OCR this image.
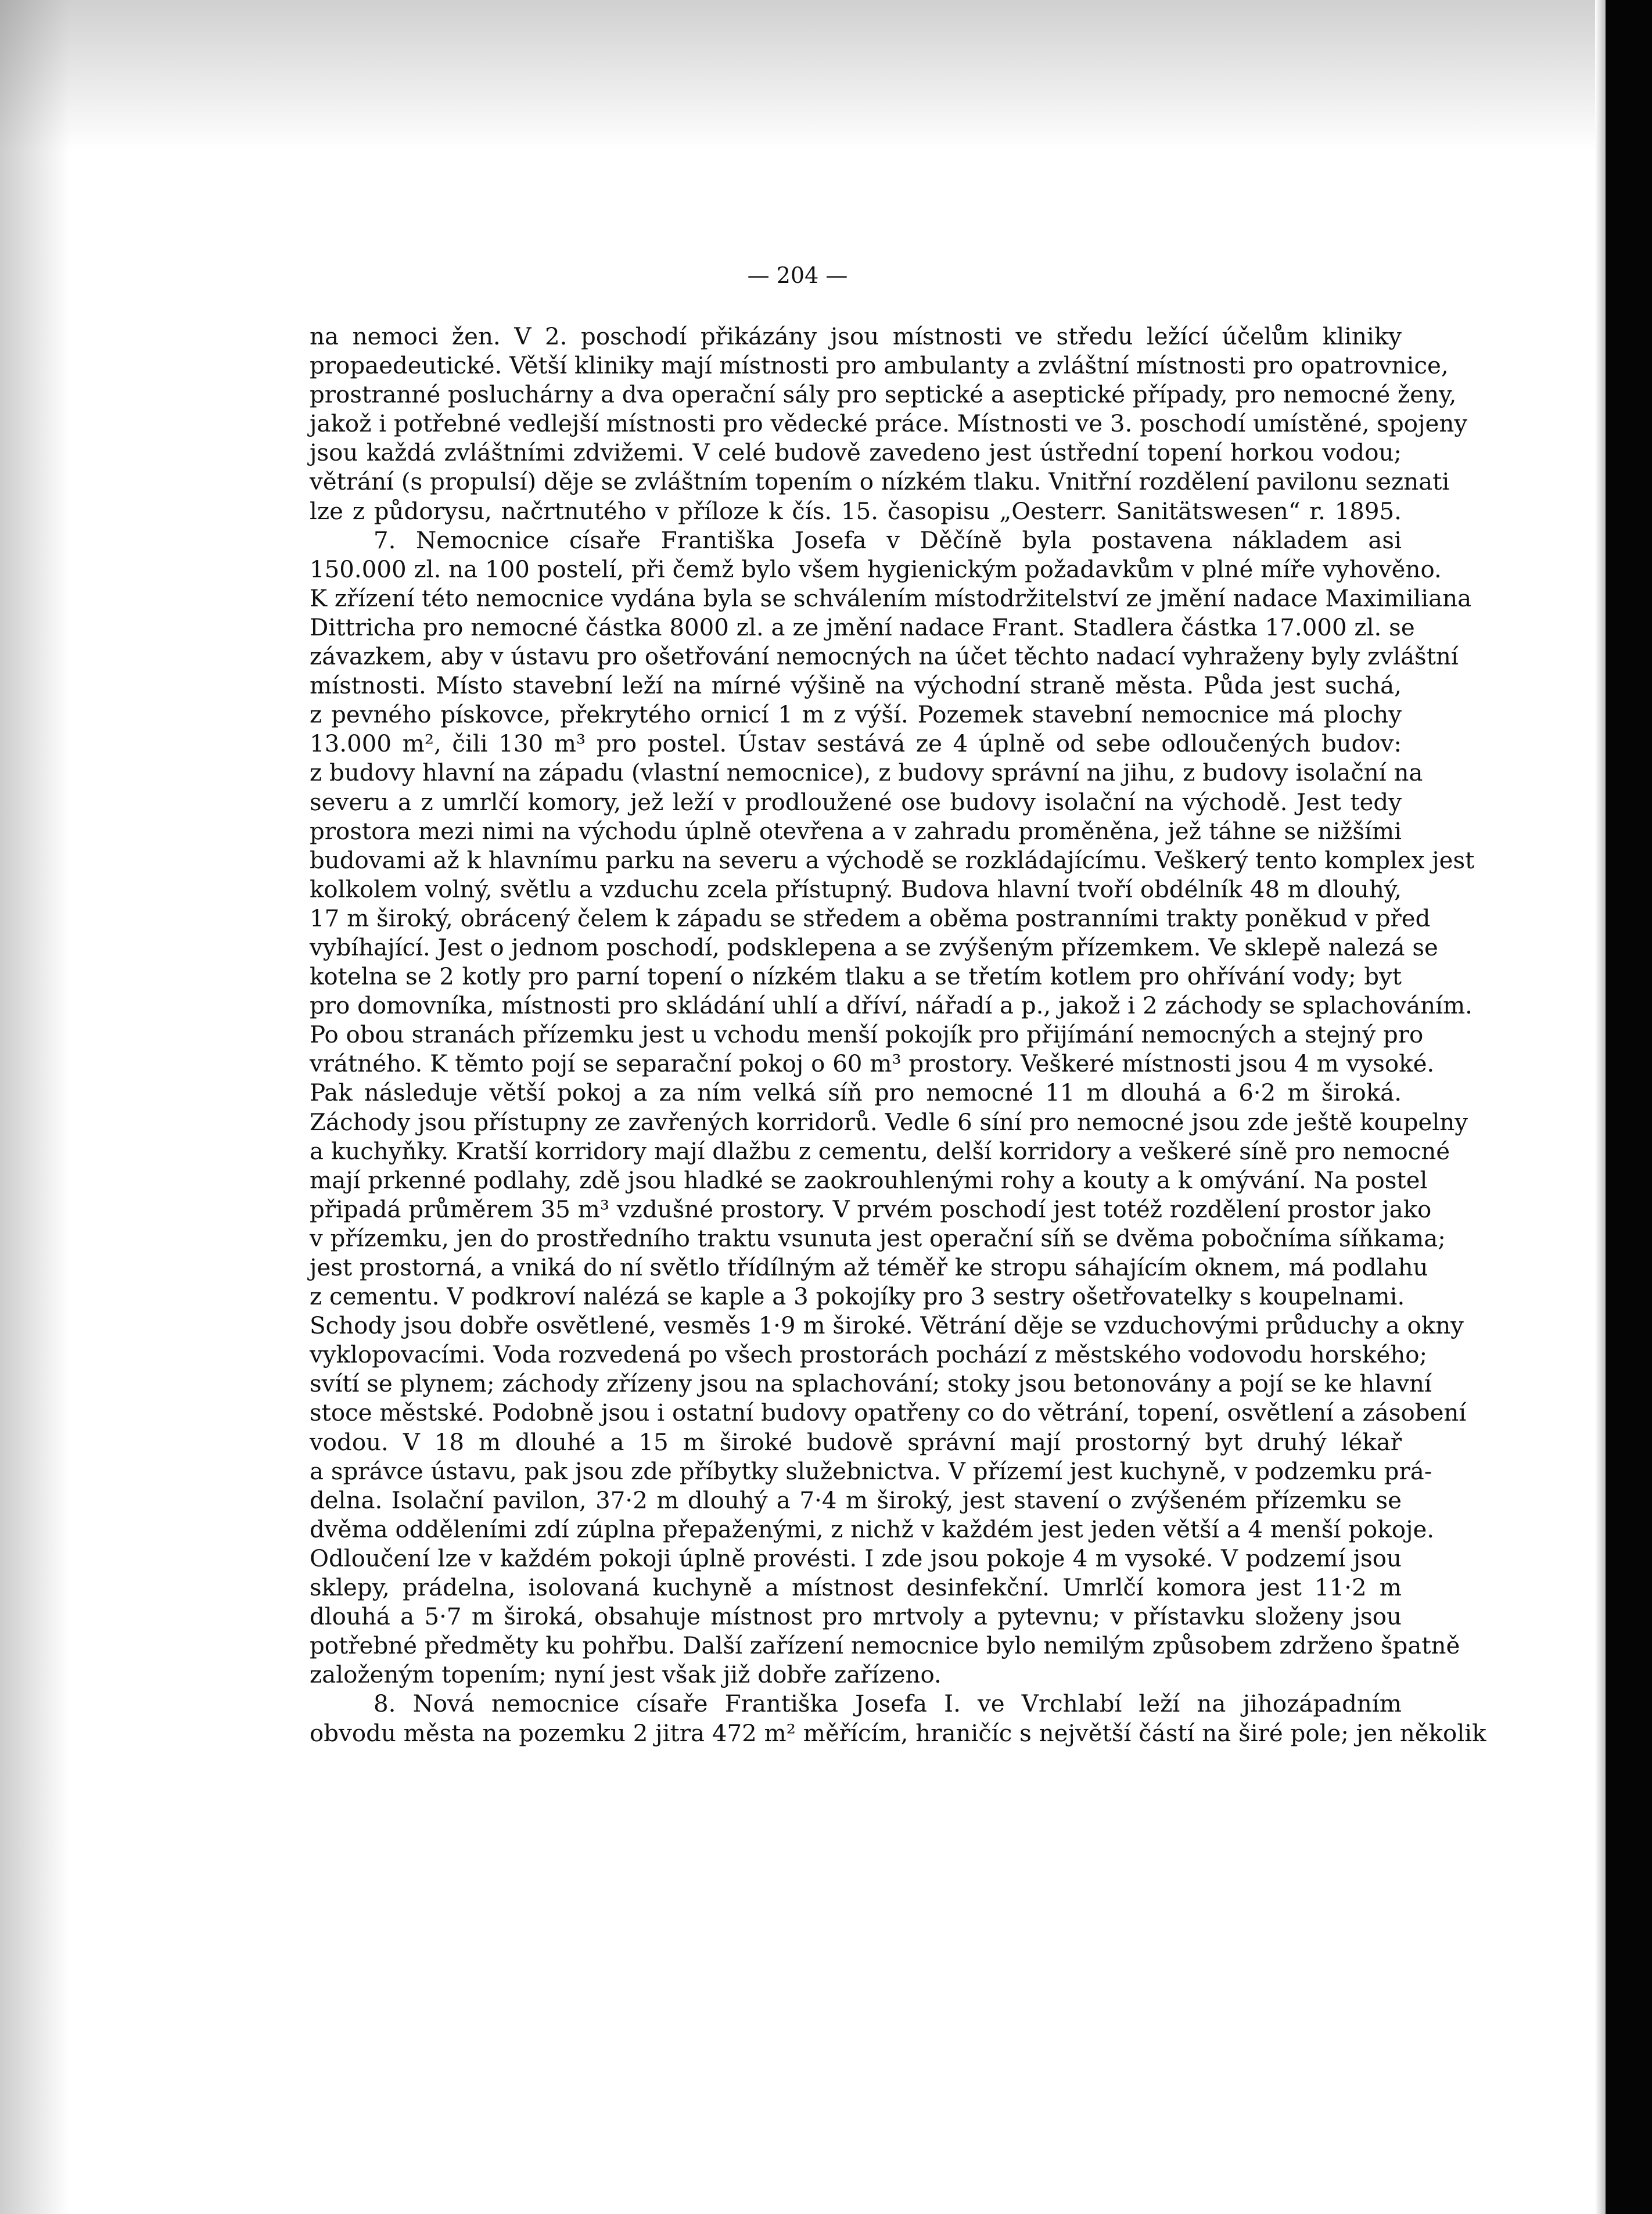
— 204 —
na nemoci žen. V 2. poschodí přikázány jsou místnosti ve středu ležící účelům kliniky
propaedeutické. Větší kliniky mají místnosti pro ambulanty a zvláštní místnosti pro opatrovnice,
prostranné posluchárny a dva operační sály pro septické a aseptické případy, pro nemocné ženy,
jakož i potřebné vedlejší místnosti pro vědecké práce. Místnosti ve 3. poschodí umístěné, spojeny
jsou každá zvláštními zdvižemi. V celé budově zavedeno jest ústřední topení horkou vodou;
větrání (s propulsí) děje se zvláštním topením o nízkém tlaku. Vnitřní rozdělení pavilonu seznati
lze z půdorysu, načrtnutého v příloze k čís. 15. časopisu „Oesterr. Sanitätswesen“ r. 1895.
7. Nemocnice císaře Františka Josefa v Děčíně byla postavena nákladem asi
150.000 zl. na 100 postelí, při čemž bylo všem hygienickým požadavkům v plné míře vyhověno.
K zřízení této nemocnice vydána byla se schválením místodržitelství ze jmění nadace Maximiliana
Dittricha pro nemocné částka 8000 zl. a ze jmění nadace Frant. Stadlera částka 17.000 zl. se
závazkem, aby v ústavu pro ošetřování nemocných na účet těchto nadací vyhraženy byly zvláštní
místnosti. Místo stavební leží na mírné výšině na východní straně města. Půda jest suchá,
z pevného pískovce, překrytého ornicí 1 m z výší. Pozemek stavební nemocnice má plochy
13.000 m², čili 130 m³ pro postel. Ústav sestává ze 4 úplně od sebe odloučených budov:
z budovy hlavní na západu (vlastní nemocnice), z budovy správní na jihu, z budovy isolační na
severu a z umrlčí komory, jež leží v prodloužené ose budovy isolační na východě. Jest tedy
prostora mezi nimi na východu úplně otevřena a v zahradu proměněna, jež táhne se nižšími
budovami až k hlavnímu parku na severu a východě se rozkládajícímu. Veškerý tento komplex jest
kolkolem volný, světlu a vzduchu zcela přístupný. Budova hlavní tvoří obdélník 48 m dlouhý,
17 m široký, obrácený čelem k západu se středem a oběma postranními trakty poněkud v před
vybíhající. Jest o jednom poschodí, podsklepena a se zvýšeným přízemkem. Ve sklepě nalezá se
kotelna se 2 kotly pro parní topení o nízkém tlaku a se třetím kotlem pro ohřívání vody; byt
pro domovníka, místnosti pro skládání uhlí a dříví, nářadí a p., jakož i 2 záchody se splachováním.
Po obou stranách přízemku jest u vchodu menší pokojík pro přijímání nemocných a stejný pro
vrátného. K těmto pojí se separační pokoj o 60 m³ prostory. Veškeré místnosti jsou 4 m vysoké.
Pak následuje větší pokoj a za ním velká síň pro nemocné 11 m dlouhá a 6·2 m široká.
Záchody jsou přístupny ze zavřených korridorů. Vedle 6 síní pro nemocné jsou zde ještě koupelny
a kuchyňky. Kratší korridory mají dlažbu z cementu, delší korridory a veškeré síně pro nemocné
mají prkenné podlahy, zdě jsou hladké se zaokrouhlenými rohy a kouty a k omývání. Na postel
připadá průměrem 35 m³ vzdušné prostory. V prvém poschodí jest totéž rozdělení prostor jako
v přízemku, jen do prostředního traktu vsunuta jest operační síň se dvěma pobočníma síňkama;
jest prostorná, a vniká do ní světlo třídílným až téměř ke stropu sáhajícím oknem, má podlahu
z cementu. V podkroví nalézá se kaple a 3 pokojíky pro 3 sestry ošetřovatelky s koupelnami.
Schody jsou dobře osvětlené, vesměs 1·9 m široké. Větrání děje se vzduchovými průduchy a okny
vyklopovacími. Voda rozvedená po všech prostorách pochází z městského vodovodu horského;
svítí se plynem; záchody zřízeny jsou na splachování; stoky jsou betonovány a pojí se ke hlavní
stoce městské. Podobně jsou i ostatní budovy opatřeny co do větrání, topení, osvětlení a zásobení
vodou. V 18 m dlouhé a 15 m široké budově správní mají prostorný byt druhý lékař
a správce ústavu, pak jsou zde příbytky služebnictva. V přízemí jest kuchyně, v podzemku prá-
delna. Isolační pavilon, 37·2 m dlouhý a 7·4 m široký, jest stavení o zvýšeném přízemku se
dvěma odděleními zdí zúplna přepaženými, z nichž v každém jest jeden větší a 4 menší pokoje.
Odloučení lze v každém pokoji úplně provésti. I zde jsou pokoje 4 m vysoké. V podzemí jsou
sklepy, prádelna, isolovaná kuchyně a místnost desinfekční. Umrlčí komora jest 11·2 m
dlouhá a 5·7 m široká, obsahuje místnost pro mrtvoly a pytevnu; v přístavku složeny jsou
potřebné předměty ku pohřbu. Další zařízení nemocnice bylo nemilým způsobem zdrženo špatně
založeným topením; nyní jest však již dobře zařízeno.
8. Nová nemocnice císaře Františka Josefa I. ve Vrchlabí leží na jihozápadním
obvodu města na pozemku 2 jitra 472 m² měřícím, hraničíc s největší částí na širé pole; jen několik
